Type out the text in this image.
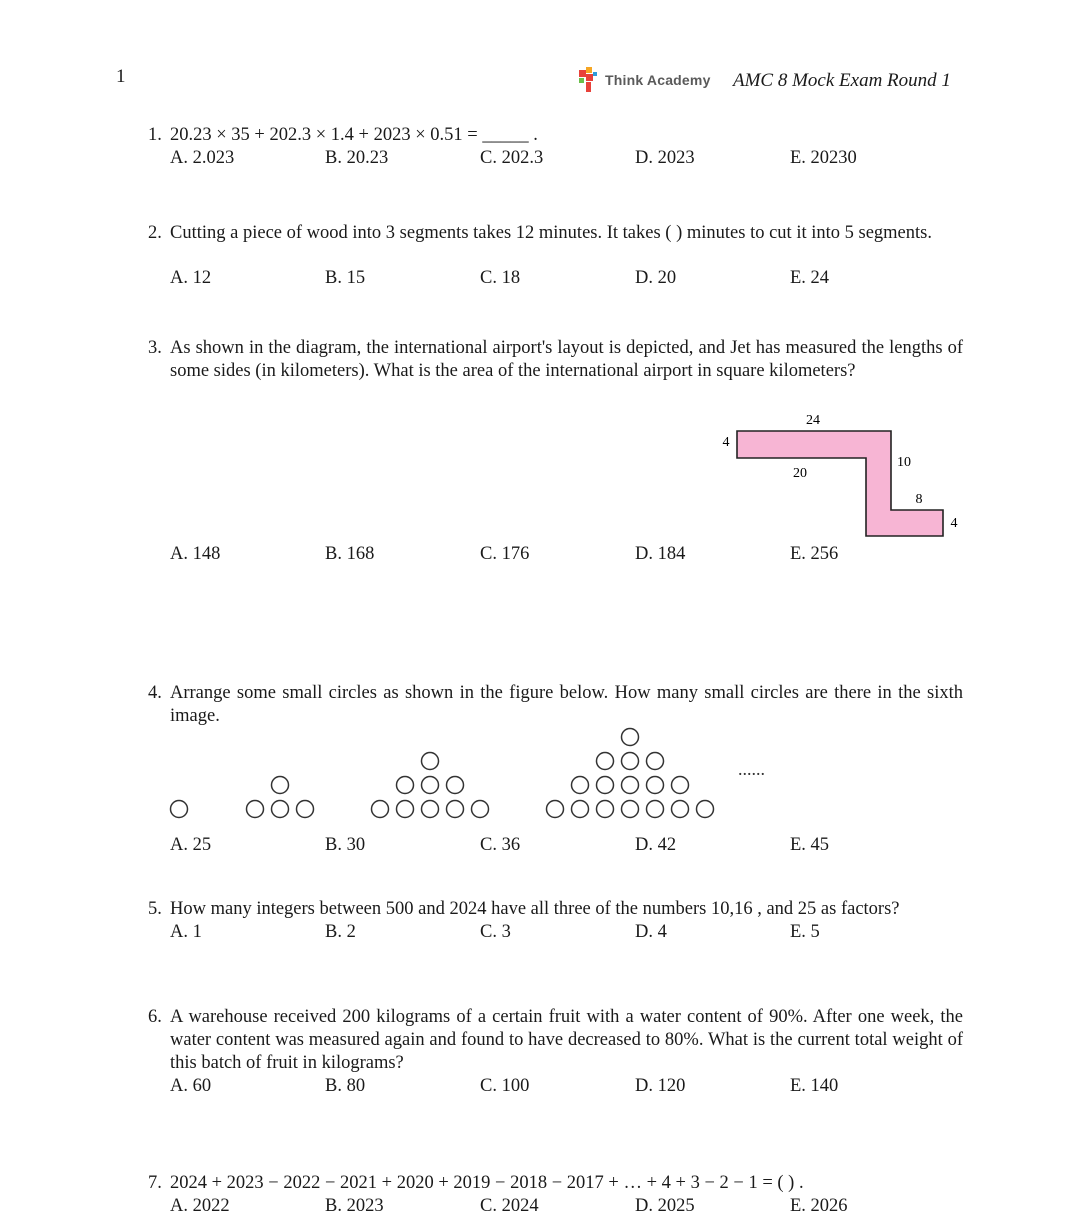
1	Think Academy AMC 8 Mock Exam Round 1
1. 20.23 × 35 + 202.3 × 1.4 + 2023 × 0.51 = _____ .
A. 2.023	B. 20.23	C. 202.3	D. 2023	E. 20230
2. Cutting a piece of wood into 3 segments takes 12 minutes. It takes ( ) minutes to cut it into 5 segments.
A. 12	B. 15	C. 18	D. 20	E. 24
3. As shown in the diagram, the international airport's layout is depicted, and Jet has measured the lengths of some sides (in kilometers). What is the area of the international airport in square kilometers?
A. 148	B. 168	C. 176	D. 184	E. 256
24
4
20
10
8
4
4. Arrange some small circles as shown in the figure below. How many small circles are there in the sixth image.
A. 25	B. 30	C. 36	D. 42	E. 45
......
5. How many integers between 500 and 2024 have all three of the numbers 10,16 , and 25 as factors?
A. 1	B. 2	C. 3	D. 4	E. 5
6. A warehouse received 200 kilograms of a certain fruit with a water content of 90%. After one week, the water content was measured again and found to have decreased to 80%. What is the current total weight of this batch of fruit in kilograms?
A. 60	B. 80	C. 100	D. 120	E. 140
7. 2024 + 2023 − 2022 − 2021 + 2020 + 2019 − 2018 − 2017 + … + 4 + 3 − 2 − 1 = ( ) .
A. 2022	B. 2023	C. 2024	D. 2025	E. 2026
